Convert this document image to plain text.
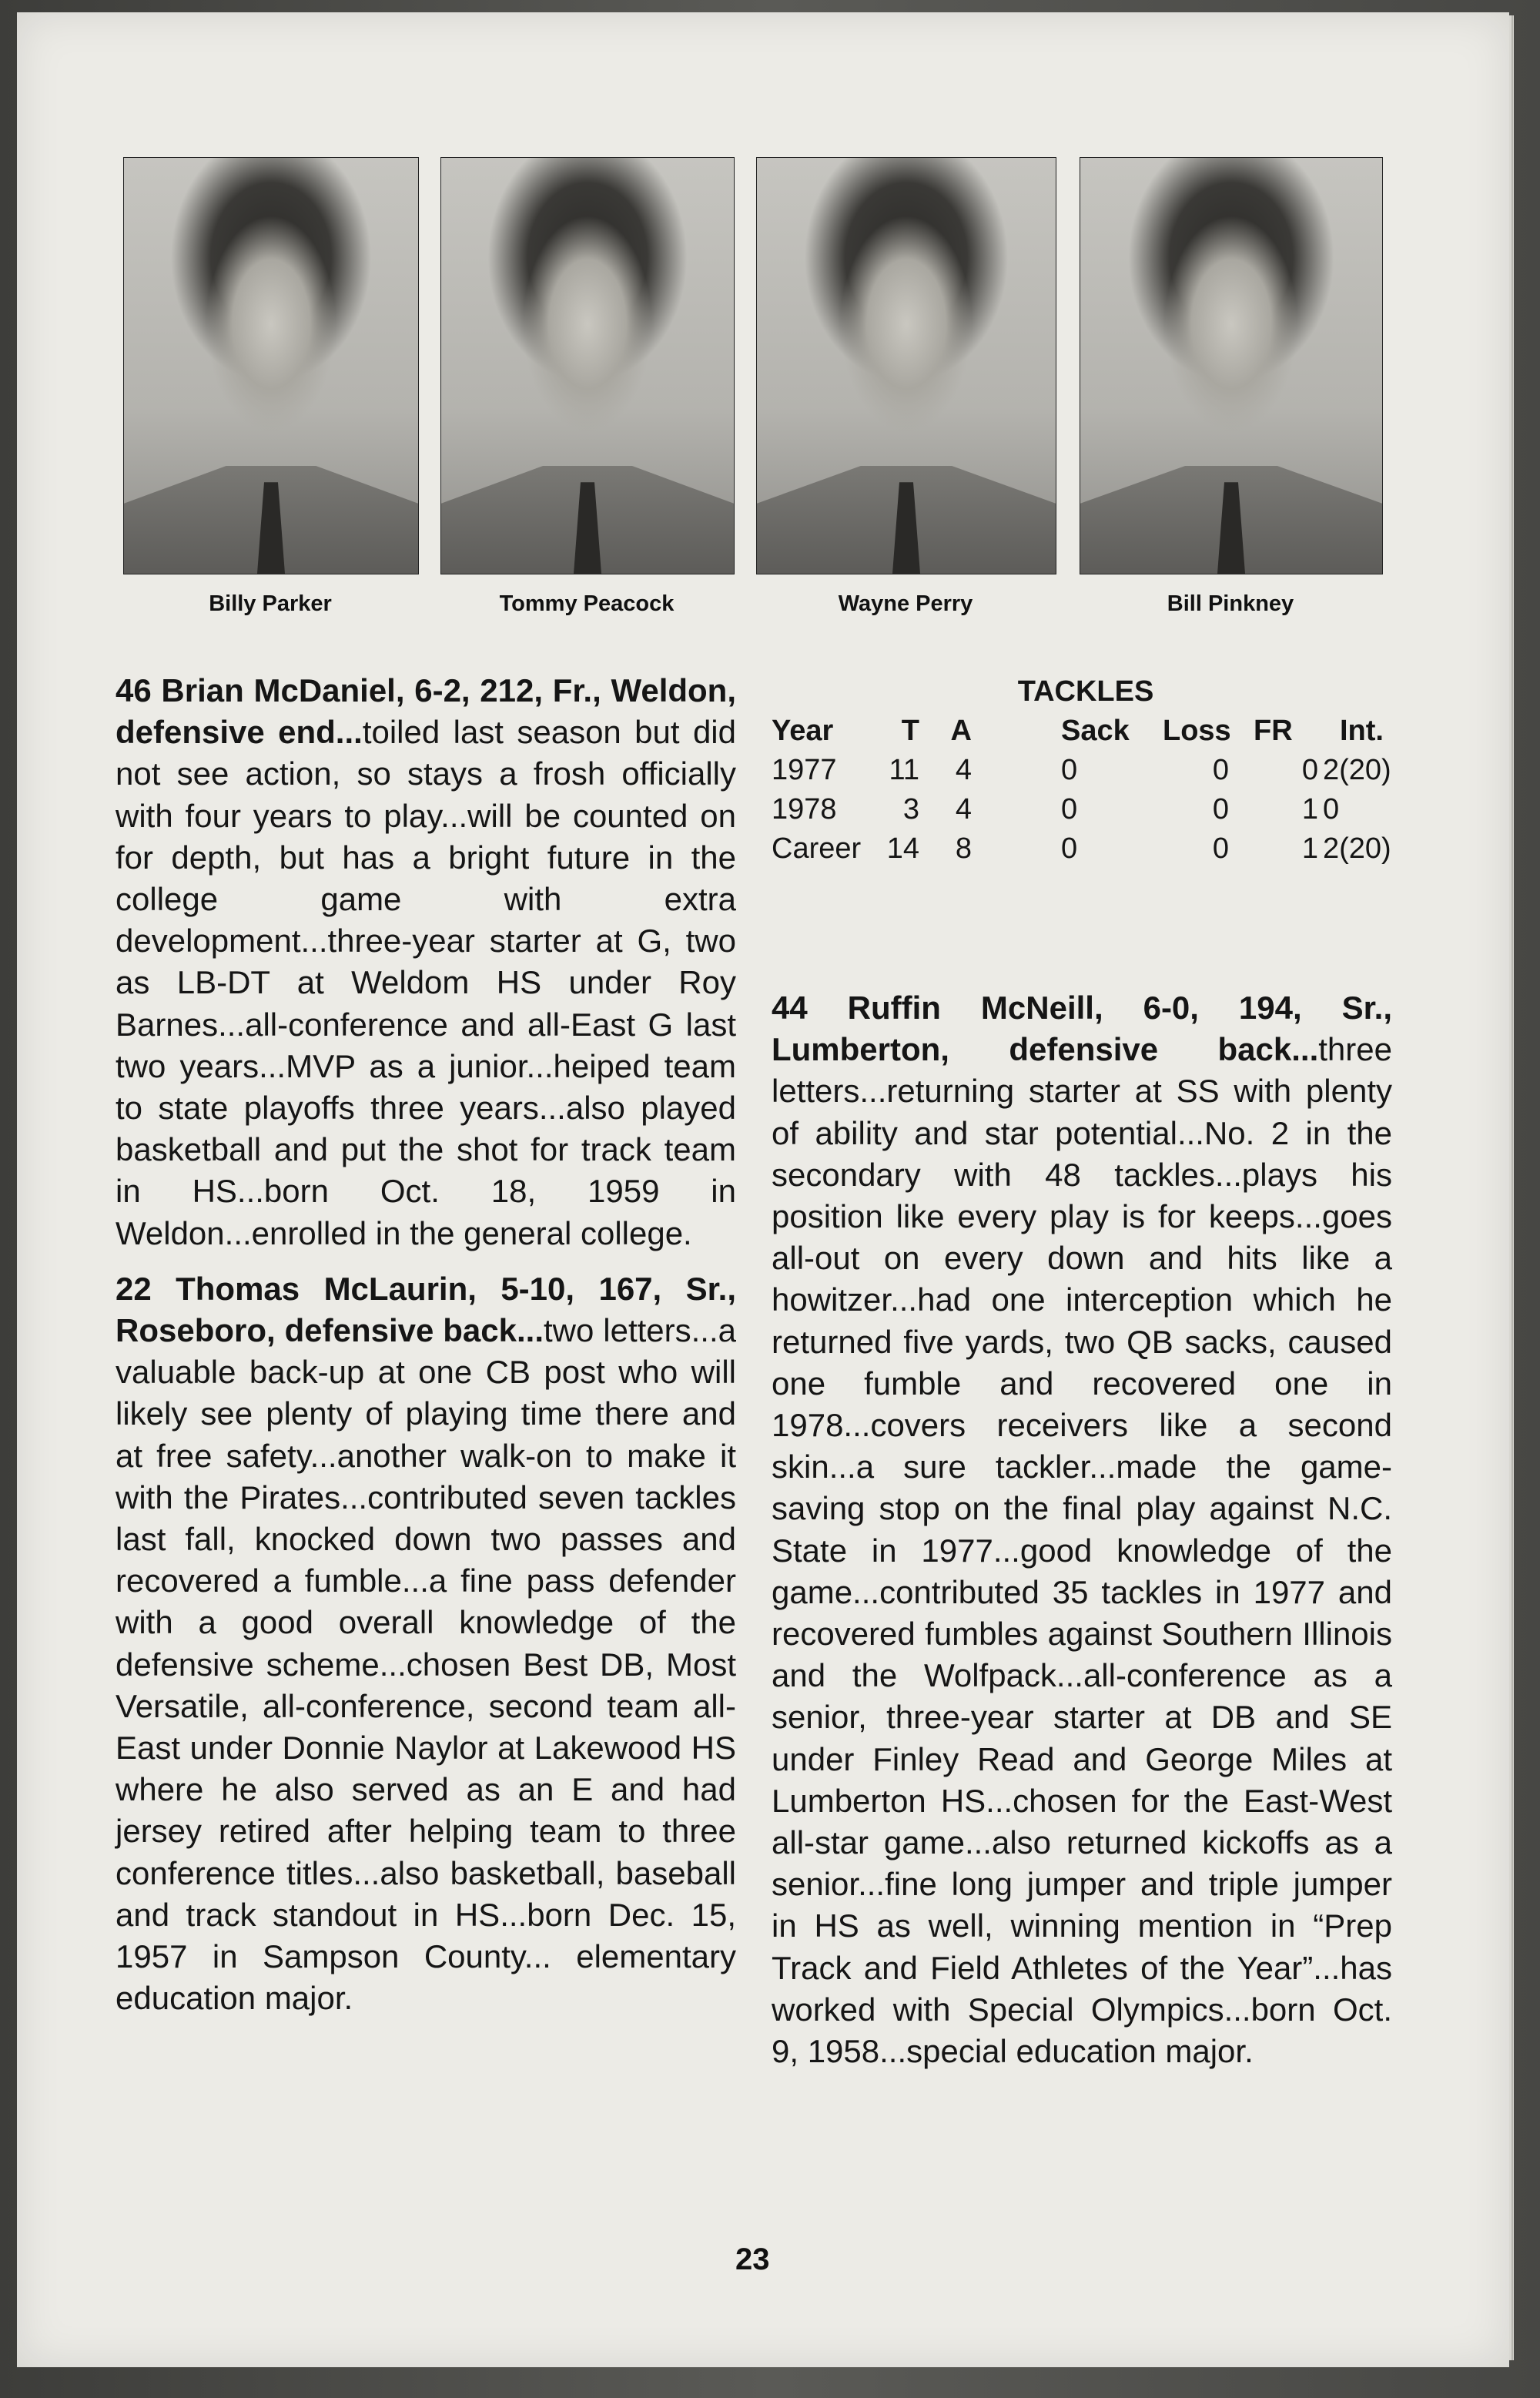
Billy Parker	Tommy Peacock	Wayne Perry	Bill Pinkney

46 Brian McDaniel, 6-2, 212, Fr., Weldon, defensive end...toiled last season but did not see action, so stays a frosh officially with four years to play...will be counted on for depth, but has a bright future in the college game with extra development...three-year starter at G, two as LB-DT at Weldom HS under Roy Barnes...all-conference and all-East G last two years...MVP as a junior...heiped team to state playoffs three years...also played basketball and put the shot for track team in HS...born Oct. 18, 1959 in Weldon...enrolled in the general college.

22 Thomas McLaurin, 5-10, 167, Sr., Roseboro, defensive back...two letters...a valuable back-up at one CB post who will likely see plenty of playing time there and at free safety...another walk-on to make it with the Pirates...contributed seven tackles last fall, knocked down two passes and recovered a fumble...a fine pass defender with a good overall knowledge of the defensive scheme...chosen Best DB, Most Versatile, all-conference, second team all-East under Donnie Naylor at Lakewood HS where he also served as an E and had jersey retired after helping team to three conference titles...also basketball, baseball and track standout in HS...born Dec. 15, 1957 in Sampson County... elementary education major.

TACKLES
Year T A	Sack Loss FR Int.
1977 11 4	0	0 0 2(20)
1978 3 4	0	0 1 0
Career 14 8	0	0 1 2(20)

44 Ruffin McNeill, 6-0, 194, Sr., Lumberton, defensive back...three letters...returning starter at SS with plenty of ability and star potential...No. 2 in the secondary with 48 tackles...plays his position like every play is for keeps...goes all-out on every down and hits like a howitzer...had one interception which he returned five yards, two QB sacks, caused one fumble and recovered one in 1978...covers receivers like a second skin...a sure tackler...made the game-saving stop on the final play against N.C. State in 1977...good knowledge of the game...contributed 35 tackles in 1977 and recovered fumbles against Southern Illinois and the Wolfpack...all-conference as a senior, three-year starter at DB and SE under Finley Read and George Miles at Lumberton HS...chosen for the East-West all-star game...also returned kickoffs as a senior...fine long jumper and triple jumper in HS as well, winning mention in “Prep Track and Field Athletes of the Year”...has worked with Special Olympics...born Oct. 9, 1958...special education major.

23
